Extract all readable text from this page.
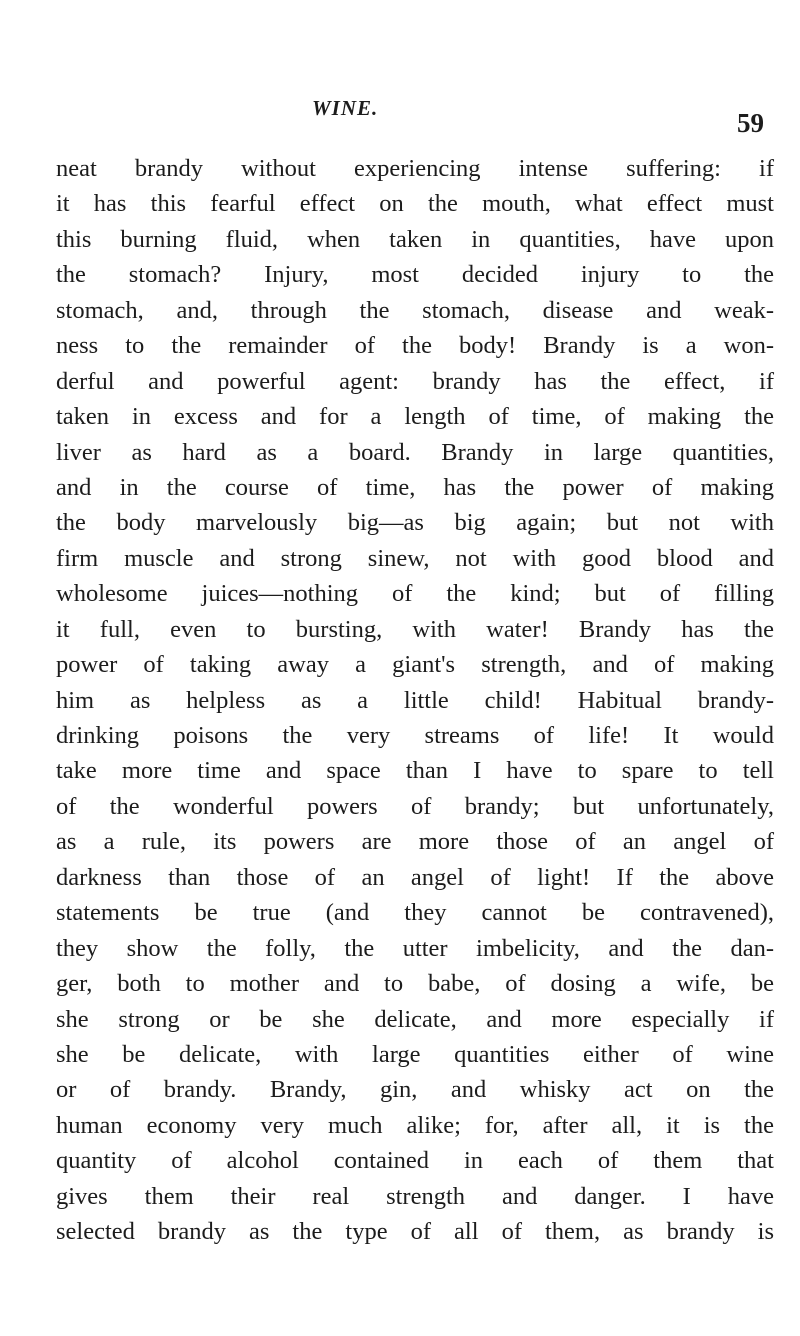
WINE.	59
neat brandy without experiencing intense suffering: if
it has this fearful effect on the mouth, what effect must
this burning fluid, when taken in quantities, have upon
the stomach? Injury, most decided injury to the
stomach, and, through the stomach, disease and weak-
ness to the remainder of the body! Brandy is a won-
derful and powerful agent: brandy has the effect, if
taken in excess and for a length of time, of making the
liver as hard as a board. Brandy in large quantities,
and in the course of time, has the power of making
the body marvelously big—as big again; but not with
firm muscle and strong sinew, not with good blood and
wholesome juices—nothing of the kind; but of filling
it full, even to bursting, with water! Brandy has the
power of taking away a giant's strength, and of making
him as helpless as a little child! Habitual brandy-
drinking poisons the very streams of life! It would
take more time and space than I have to spare to tell
of the wonderful powers of brandy; but unfortunately,
as a rule, its powers are more those of an angel of
darkness than those of an angel of light! If the above
statements be true (and they cannot be contravened),
they show the folly, the utter imbelicity, and the dan-
ger, both to mother and to babe, of dosing a wife, be
she strong or be she delicate, and more especially if
she be delicate, with large quantities either of wine
or of brandy. Brandy, gin, and whisky act on the
human economy very much alike; for, after all, it is the
quantity of alcohol contained in each of them that
gives them their real strength and danger. I have
selected brandy as the type of all of them, as brandy is
